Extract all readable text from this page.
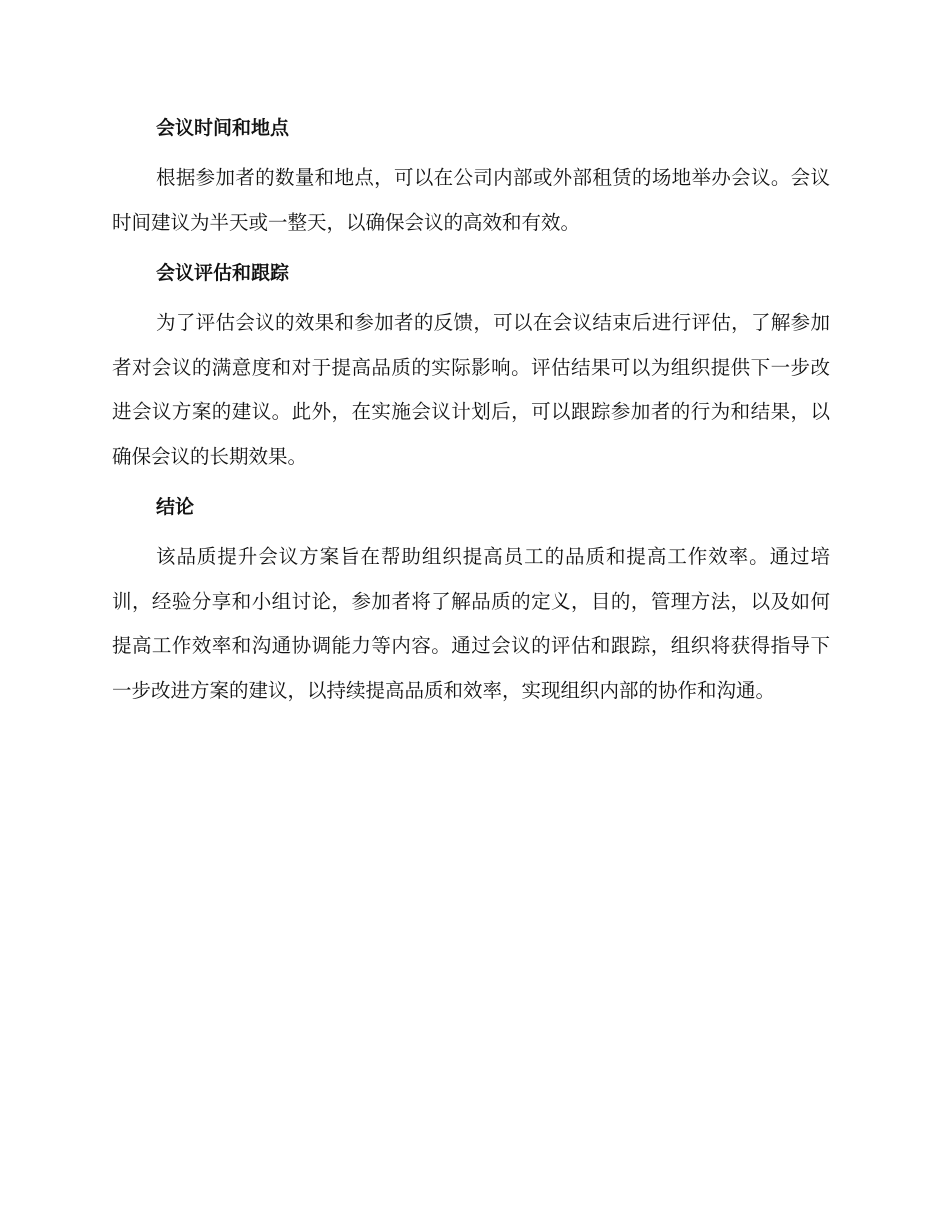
会议时间和地点

根据参加者的数量和地点，可以在公司内部或外部租赁的场地举办会议。会议时间建议为半天或一整天，以确保会议的高效和有效。

会议评估和跟踪

为了评估会议的效果和参加者的反馈，可以在会议结束后进行评估，了解参加者对会议的满意度和对于提高品质的实际影响。评估结果可以为组织提供下一步改进会议方案的建议。此外，在实施会议计划后，可以跟踪参加者的行为和结果，以确保会议的长期效果。

结论

该品质提升会议方案旨在帮助组织提高员工的品质和提高工作效率。通过培训，经验分享和小组讨论，参加者将了解品质的定义，目的，管理方法，以及如何提高工作效率和沟通协调能力等内容。通过会议的评估和跟踪，组织将获得指导下一步改进方案的建议，以持续提高品质和效率，实现组织内部的协作和沟通。
